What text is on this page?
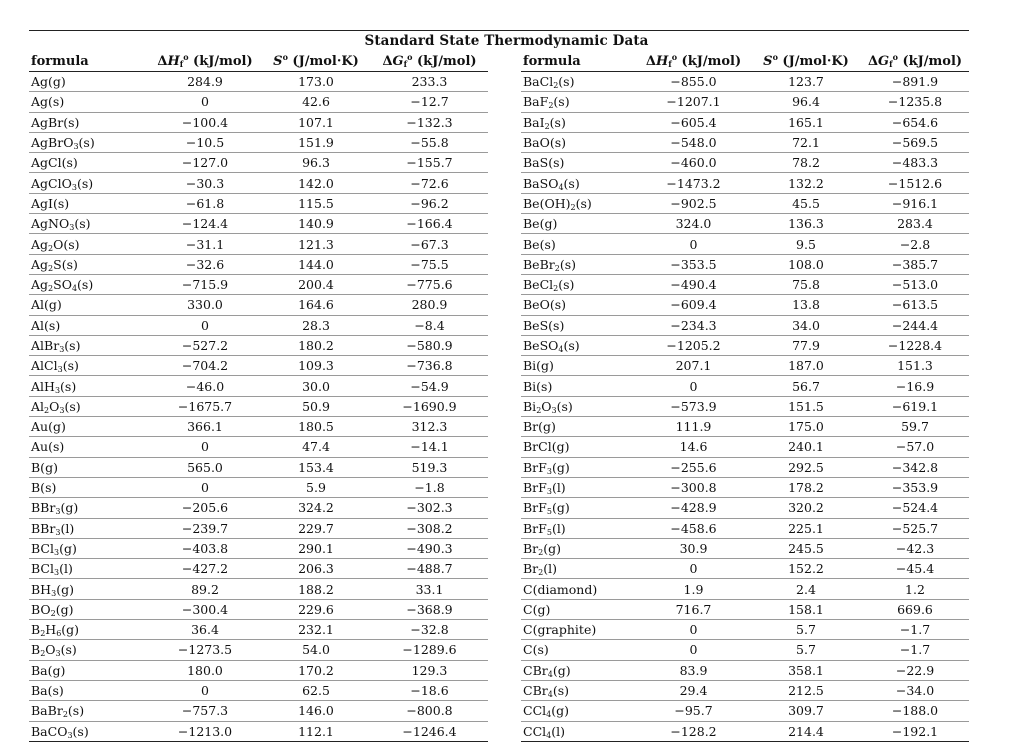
Standard State Thermodynamic Data
formula	$\Delta H_f^o$ (kJ/mol)	$S^o$ (J/mol·K)	$\Delta G_f^o$ (kJ/mol)
Ag(g)	284.9	173.0	233.3
Ag(s)	0	42.6	−12.7
AgBr(s)	−100.4	107.1	−132.3
AgBrO$_3$(s)	−10.5	151.9	−55.8
AgCl(s)	−127.0	96.3	−155.7
AgClO$_3$(s)	−30.3	142.0	−72.6
AgI(s)	−61.8	115.5	−96.2
AgNO$_3$(s)	−124.4	140.9	−166.4
$Ag_2O(s)$	−31.1	121.3	−67.3
$Ag_2S(s)$	−32.6	144.0	−75.5
$Ag_2SO_4(s)$	−715.9	200.4	−775.6
Al(g)	330.0	164.6	280.9
Al(s)	0	28.3	−8.4
AlBr$_3$(s)	−527.2	180.2	−580.9
AlCl$_3$(s)	−704.2	109.3	−736.8
AlH$_3$(s)	−46.0	30.0	−54.9
$Al_2O_3(s)$	−1675.7	50.9	−1690.9
Au(g)	366.1	180.5	312.3
Au(s)	0	47.4	−14.1
B(g)	565.0	153.4	519.3
B(s)	0	5.9	−1.8
BBr$_3$(g)	−205.6	324.2	−302.3
BBr$_3$(l)	−239.7	229.7	−308.2
BCl$_3$(g)	−403.8	290.1	−490.3
BCl$_3$(l)	−427.2	206.3	−488.7
$BH_3(g)$	89.2	188.2	33.1
$BO_2(g)$	−300.4	229.6	−368.9
$B_2H_6(g)$	36.4	232.1	−32.8
$B_2O_3(s)$	−1273.5	54.0	−1289.6
Ba(g)	180.0	170.2	129.3
Ba(s)	0	62.5	−18.6
BaBr$_2$(s)	−757.3	146.0	−800.8
BaCO$_3$(s)	−1213.0	112.1	−1246.4
formula	$\Delta H_f^o$ (kJ/mol)	$S^o$ (J/mol·K)	$\Delta G_f^o$ (kJ/mol)
BaCl$_2$(s)	−855.0	123.7	−891.9
BaF$_2$(s)	−1207.1	96.4	−1235.8
BaI$_2$(s)	−605.4	165.1	−654.6
BaO(s)	−548.0	72.1	−569.5
BaS(s)	−460.0	78.2	−483.3
BaSO$_4$(s)	−1473.2	132.2	−1512.6
$Be(OH)_2(s)$	−902.5	45.5	−916.1
Be(g)	324.0	136.3	283.4
Be(s)	0	9.5	−2.8
BeBr$_2$(s)	−353.5	108.0	−385.7
BeCl$_2$(s)	−490.4	75.8	−513.0
BeO(s)	−609.4	13.8	−613.5
BeS(s)	−234.3	34.0	−244.4
BeSO$_4$(s)	−1205.2	77.9	−1228.4
Bi(g)	207.1	187.0	151.3
Bi(s)	0	56.7	−16.9
$Bi_2O_3(s)$	−573.9	151.5	−619.1
Br(g)	111.9	175.0	59.7
BrCl(g)	14.6	240.1	−57.0
BrF$_3$(g)	−255.6	292.5	−342.8
BrF$_3$(l)	−300.8	178.2	−353.9
BrF$_5$(g)	−428.9	320.2	−524.4
BrF$_5$(l)	−458.6	225.1	−525.7
$Br_2(g)$	30.9	245.5	−42.3
$Br_2(l)$	0	152.2	−45.4
C(diamond)	1.9	2.4	1.2
C(g)	716.7	158.1	669.6
C(graphite)	0	5.7	−1.7
C(s)	0	5.7	−1.7
CBr$_4$(g)	83.9	358.1	−22.9
CBr$_4$(s)	29.4	212.5	−34.0
CCl$_4$(g)	−95.7	309.7	−188.0
CCl$_4$(l)	−128.2	214.4	−192.1
